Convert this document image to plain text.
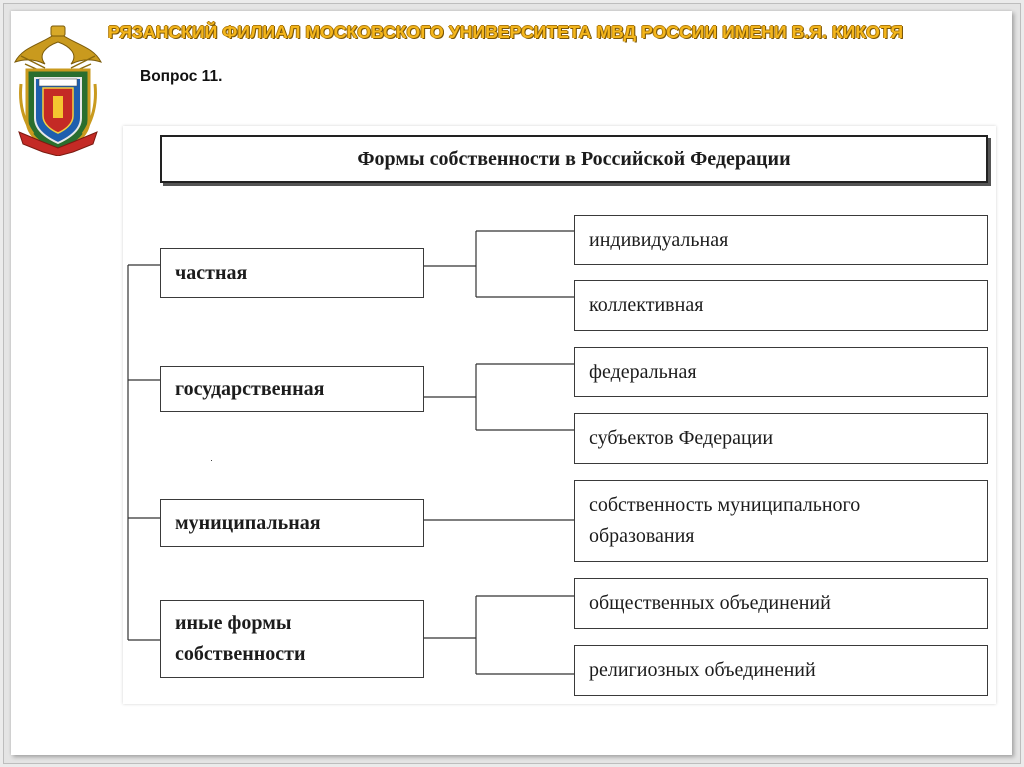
РЯЗАНСКИЙ ФИЛИАЛ МОСКОВСКОГО УНИВЕРСИТЕТА МВД РОССИИ ИМЕНИ В.Я. КИКОТЯ
Вопрос 11.
Формы собственности в Российской Федерации
частная
государственная
муниципальная
иные формы собственности
индивидуальная
коллективная
федеральная
субъектов Федерации
собственность муниципального образования
общественных объединений
религиозных объединений
